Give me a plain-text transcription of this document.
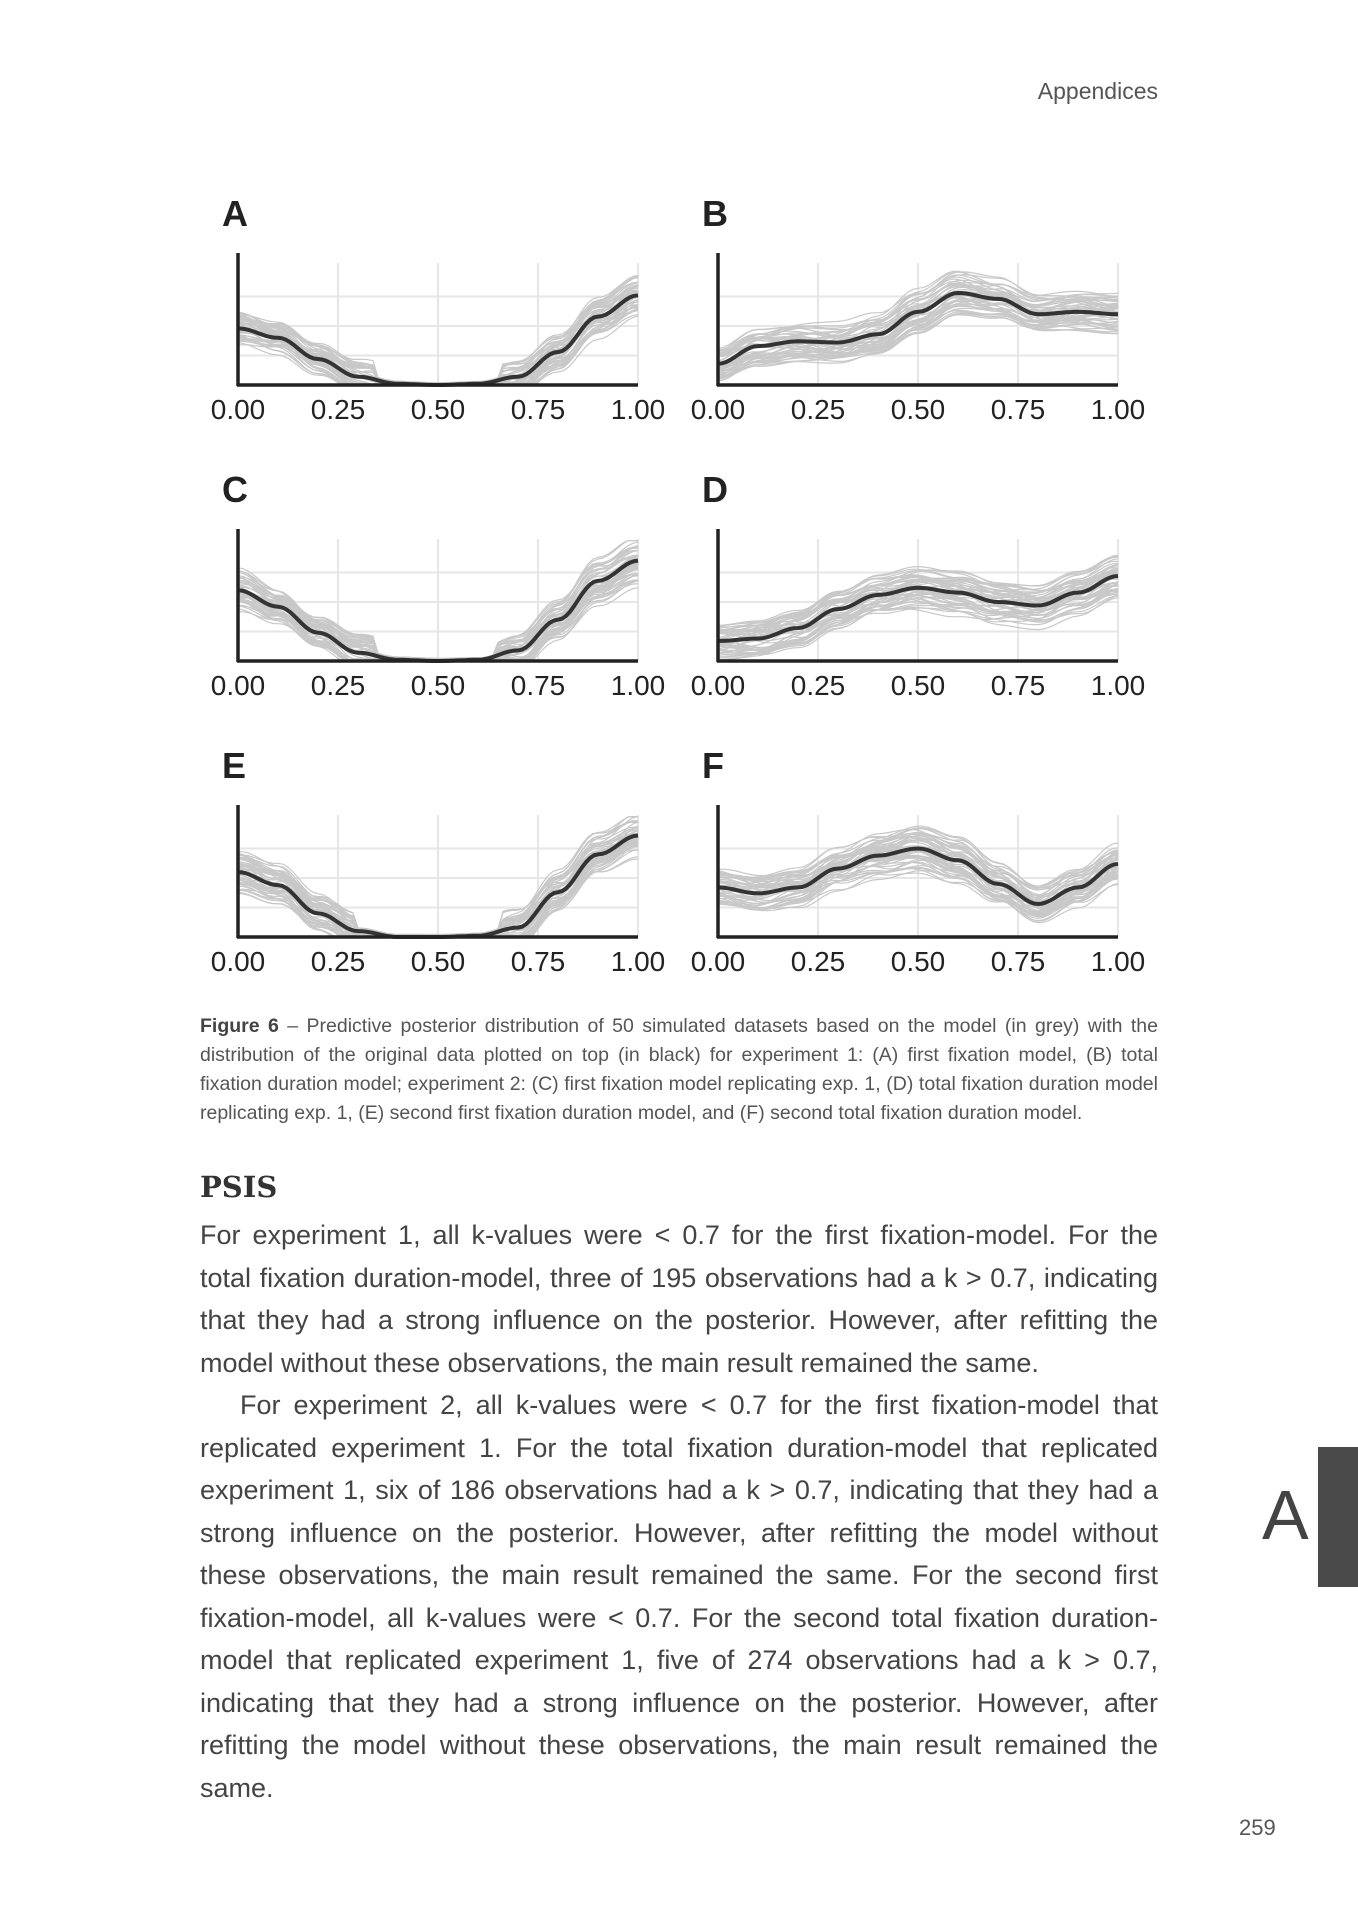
Appendices
A
0.00 0.25 0.50 0.75 1.00
B
0.00 0.25 0.50 0.75 1.00
C
0.00 0.25 0.50 0.75 1.00
D
0.00 0.25 0.50 0.75 1.00
E
0.00 0.25 0.50 0.75 1.00
F
0.00 0.25 0.50 0.75 1.00
Figure 6 – Predictive posterior distribution of 50 simulated datasets based on the model (in grey) with the distribution of the original data plotted on top (in black) for experiment 1: (A) first fixation model, (B) total fixation duration model; experiment 2: (C) first fixation model replicating exp. 1, (D) total fixation duration model replicating exp. 1, (E) second first fixation duration model, and (F) second total fixation duration model.
PSIS

For experiment 1, all k-values were < 0.7 for the first fixation-model. For the total fixation duration-model, three of 195 observations had a k > 0.7, indicating that they had a strong influence on the posterior. However, after refitting the model without these observations, the main result remained the same.

For experiment 2, all k-values were < 0.7 for the first fixation-model that replicated experiment 1. For the total fixation duration-model that replicated experiment 1, six of 186 observations had a k > 0.7, indicating that they had a strong influence on the posterior. However, after refitting the model without these observations, the main result remained the same. For the second first fixation-model, all k-values were < 0.7. For the second total fixation duration-model that replicated experiment 1, five of 274 observations had a k > 0.7, indicating that they had a strong influence on the posterior. However, after refitting the model without these observations, the main result remained the same.

A
259
